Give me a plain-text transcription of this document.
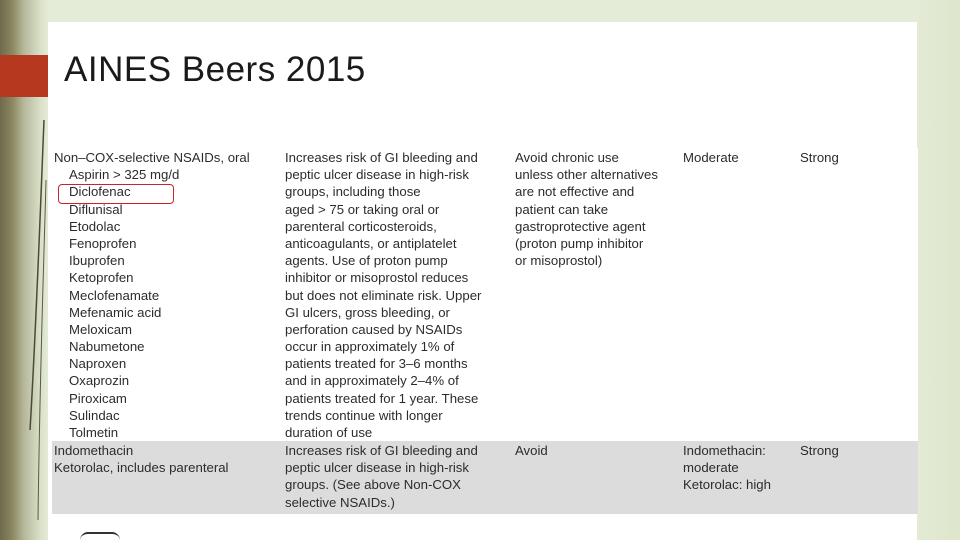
AINES Beers 2015
Non–COX-selective NSAIDs, oral
Aspirin > 325 mg/d
Diclofenac
Diflunisal
Etodolac
Fenoprofen
Ibuprofen
Ketoprofen
Meclofenamate
Mefenamic acid
Meloxicam
Nabumetone
Naproxen
Oxaprozin
Piroxicam
Sulindac
Tolmetin
Increases risk of GI bleeding and
peptic ulcer disease in high-risk
groups, including those
aged > 75 or taking oral or
parenteral corticosteroids,
anticoagulants, or antiplatelet
agents. Use of proton pump
inhibitor or misoprostol reduces
but does not eliminate risk. Upper
GI ulcers, gross bleeding, or
perforation caused by NSAIDs
occur in approximately 1% of
patients treated for 3–6 months
and in approximately 2–4% of
patients treated for 1 year. These
trends continue with longer
duration of use
Avoid chronic use
unless other alternatives
are not effective and
patient can take
gastroprotective agent
(proton pump inhibitor
or misoprostol)
Moderate	Strong
Indomethacin
Ketorolac, includes parenteral
Increases risk of GI bleeding and
peptic ulcer disease in high-risk
groups. (See above Non-COX
selective NSAIDs.)
Avoid	Indomethacin:
moderate
Ketorolac: high
Strong
